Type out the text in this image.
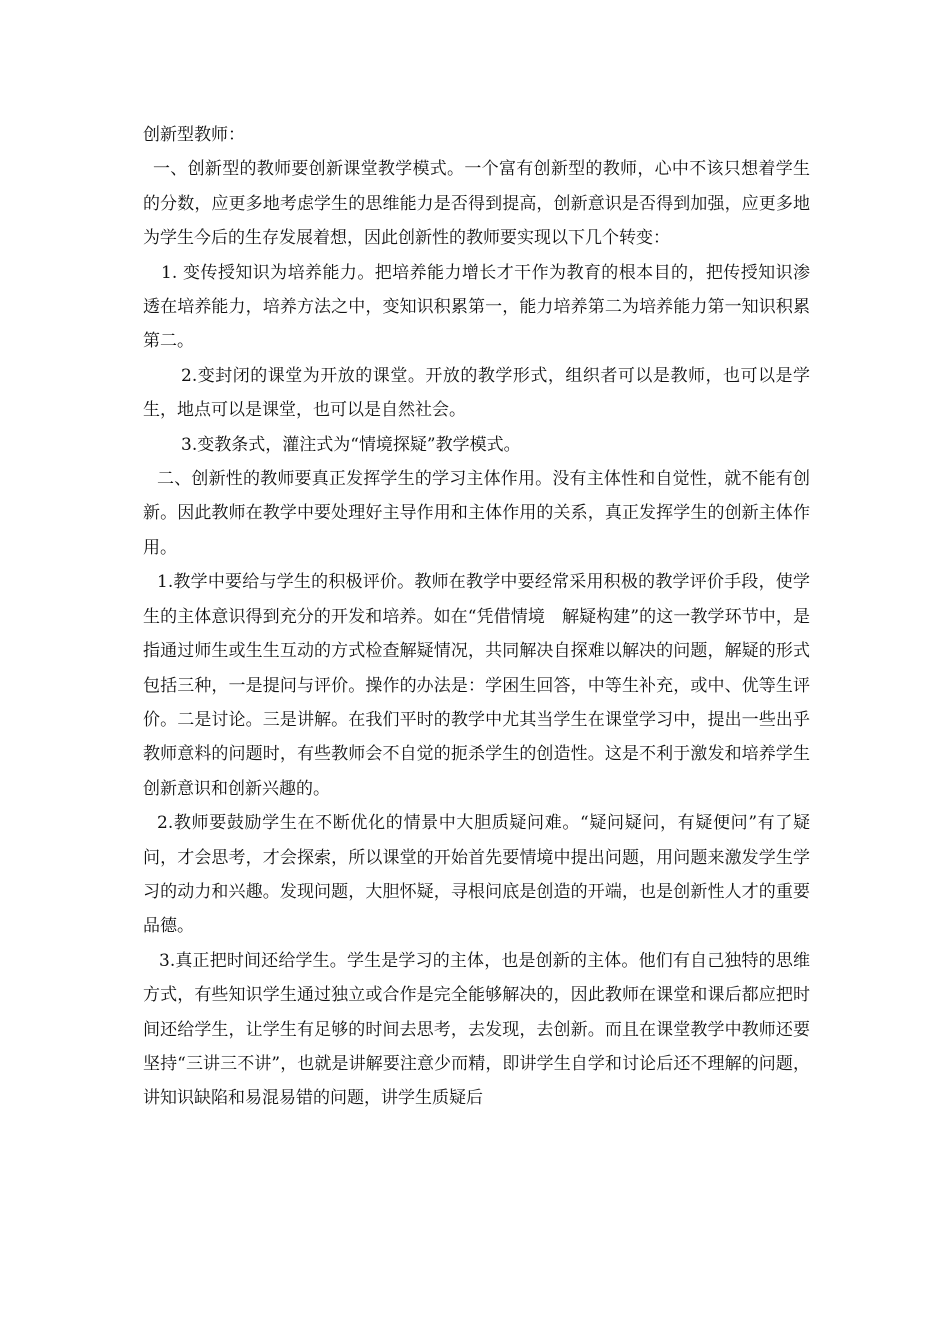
创新型教师：

一、创新型的教师要创新课堂教学模式。一个富有创新型的教师，心中不该只想着学生的分数，应更多地考虑学生的思维能力是否得到提高，创新意识是否得到加强，应更多地为学生今后的生存发展着想，因此创新性的教师要实现以下几个转变：

1. 变传授知识为培养能力。把培养能力增长才干作为教育的根本目的，把传授知识渗透在培养能力，培养方法之中，变知识积累第一，能力培养第二为培养能力第一知识积累第二。

2.变封闭的课堂为开放的课堂。开放的教学形式，组织者可以是教师，也可以是学生，地点可以是课堂，也可以是自然社会。

3.变教条式，灌注式为“情境探疑”教学模式。

二、创新性的教师要真正发挥学生的学习主体作用。没有主体性和自觉性，就不能有创新。因此教师在教学中要处理好主导作用和主体作用的关系，真正发挥学生的创新主体作用。

1.教学中要给与学生的积极评价。教师在教学中要经常采用积极的教学评价手段，使学生的主体意识得到充分的开发和培养。如在“凭借情境　解疑构建”的这一教学环节中，是指通过师生或生生互动的方式检查解疑情况，共同解决自探难以解决的问题，解疑的形式包括三种，一是提问与评价。操作的办法是：学困生回答，中等生补充，或中、优等生评价。二是讨论。三是讲解。在我们平时的教学中尤其当学生在课堂学习中，提出一些出乎教师意料的问题时，有些教师会不自觉的扼杀学生的创造性。这是不利于激发和培养学生创新意识和创新兴趣的。

2.教师要鼓励学生在不断优化的情景中大胆质疑问难。“疑问疑问，有疑便问”有了疑问，才会思考，才会探索，所以课堂的开始首先要情境中提出问题，用问题来激发学生学习的动力和兴趣。发现问题，大胆怀疑，寻根问底是创造的开端，也是创新性人才的重要品德。

3.真正把时间还给学生。学生是学习的主体，也是创新的主体。他们有自己独特的思维方式，有些知识学生通过独立或合作是完全能够解决的，因此教师在课堂和课后都应把时间还给学生，让学生有足够的时间去思考，去发现，去创新。而且在课堂教学中教师还要坚持“三讲三不讲”，也就是讲解要注意少而精，即讲学生自学和讨论后还不理解的问题，讲知识缺陷和易混易错的问题，讲学生质疑后
